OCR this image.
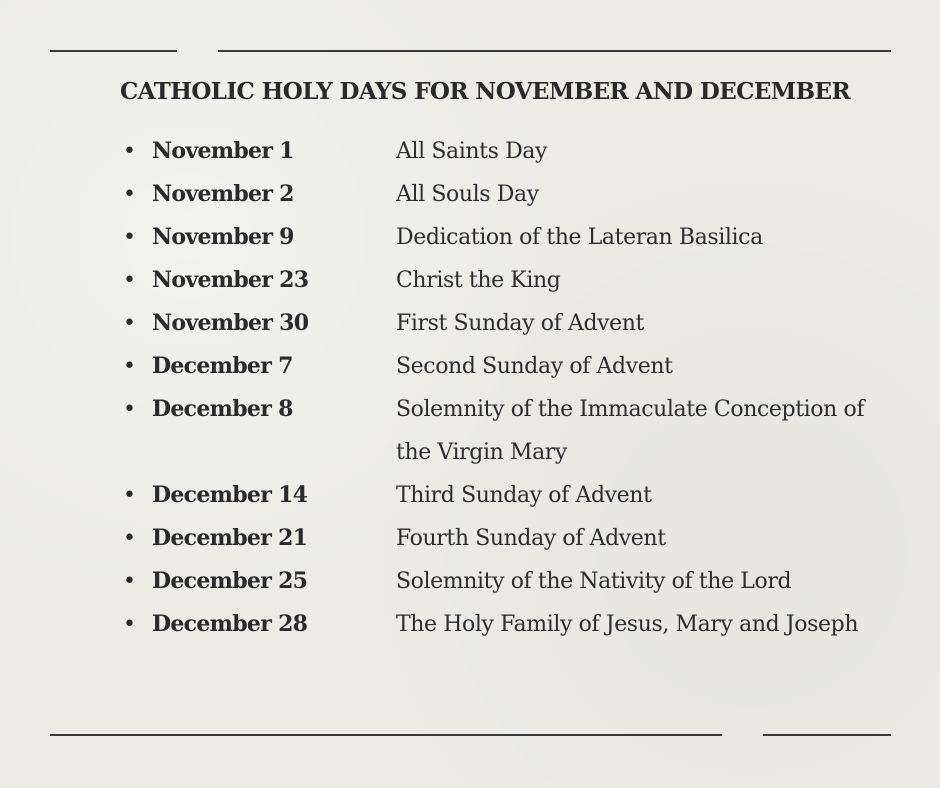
CATHOLIC HOLY DAYS FOR NOVEMBER AND DECEMBER
• November 1	All Saints Day
• November 2	All Souls Day
• November 9	Dedication of the Lateran Basilica
• November 23	Christ the King
• November 30	First Sunday of Advent
• December 7	Second Sunday of Advent
• December 8	Solemnity of the Immaculate Conception of the Virgin Mary
• December 14	Third Sunday of Advent
• December 21	Fourth Sunday of Advent
• December 25	Solemnity of the Nativity of the Lord
• December 28	The Holy Family of Jesus, Mary and Joseph
